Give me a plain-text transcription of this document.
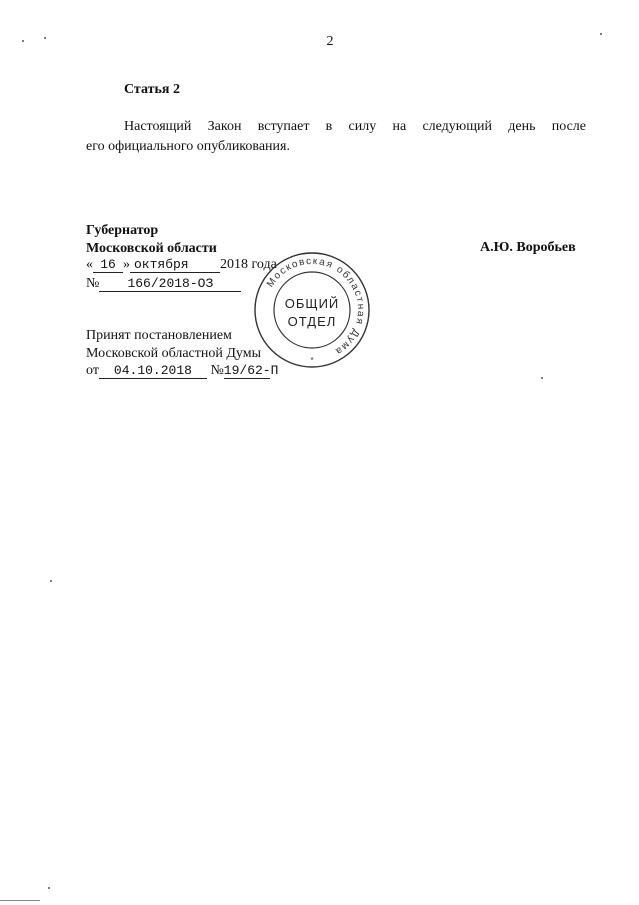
2
Статья 2
Настоящий Закон вступает в силу на следующий день после
его официального опубликования.
Губернатор
Московской области	А.Ю. Воробьев
« 16 » октября 2018 года
№ 166/2018-ОЗ
Принят постановлением
Московской областной Думы
от 04.10.2018 №19/62-П
Московская областная Дума
ОБЩИЙ
ОТДЕЛ
*
